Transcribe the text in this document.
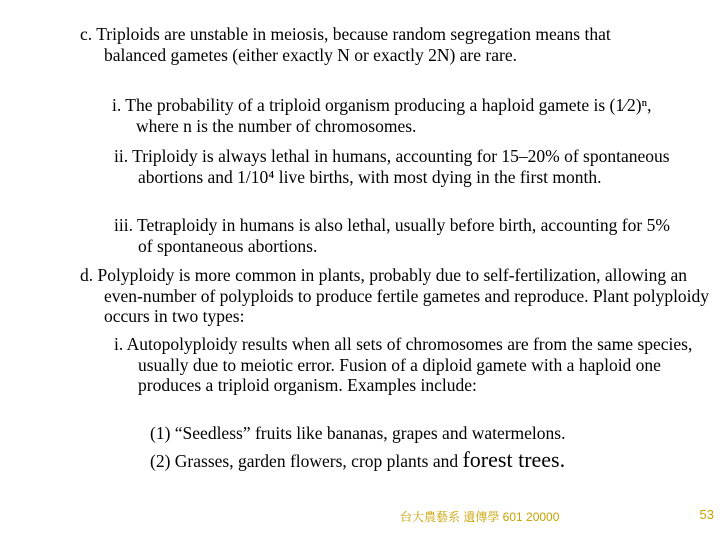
c. Triploids are unstable in meiosis, because random segregation means that balanced gametes (either exactly N or exactly 2N) are rare.
i. The probability of a triploid organism producing a haploid gamete is (1⁄2)ⁿ, where n is the number of chromosomes.
ii. Triploidy is always lethal in humans, accounting for 15–20% of spontaneous abortions and 1/10⁴ live births, with most dying in the first month.
iii. Tetraploidy in humans is also lethal, usually before birth, accounting for 5% of spontaneous abortions.
d. Polyploidy is more common in plants, probably due to self-fertilization, allowing an even-number of polyploids to produce fertile gametes and reproduce. Plant polyploidy occurs in two types:
i. Autopolyploidy results when all sets of chromosomes are from the same species, usually due to meiotic error. Fusion of a diploid gamete with a haploid one produces a triploid organism. Examples include:
(1) “Seedless” fruits like bananas, grapes and watermelons.
(2) Grasses, garden flowers, crop plants and forest trees.
台大農藝系 遺傳學 601 20000	53
